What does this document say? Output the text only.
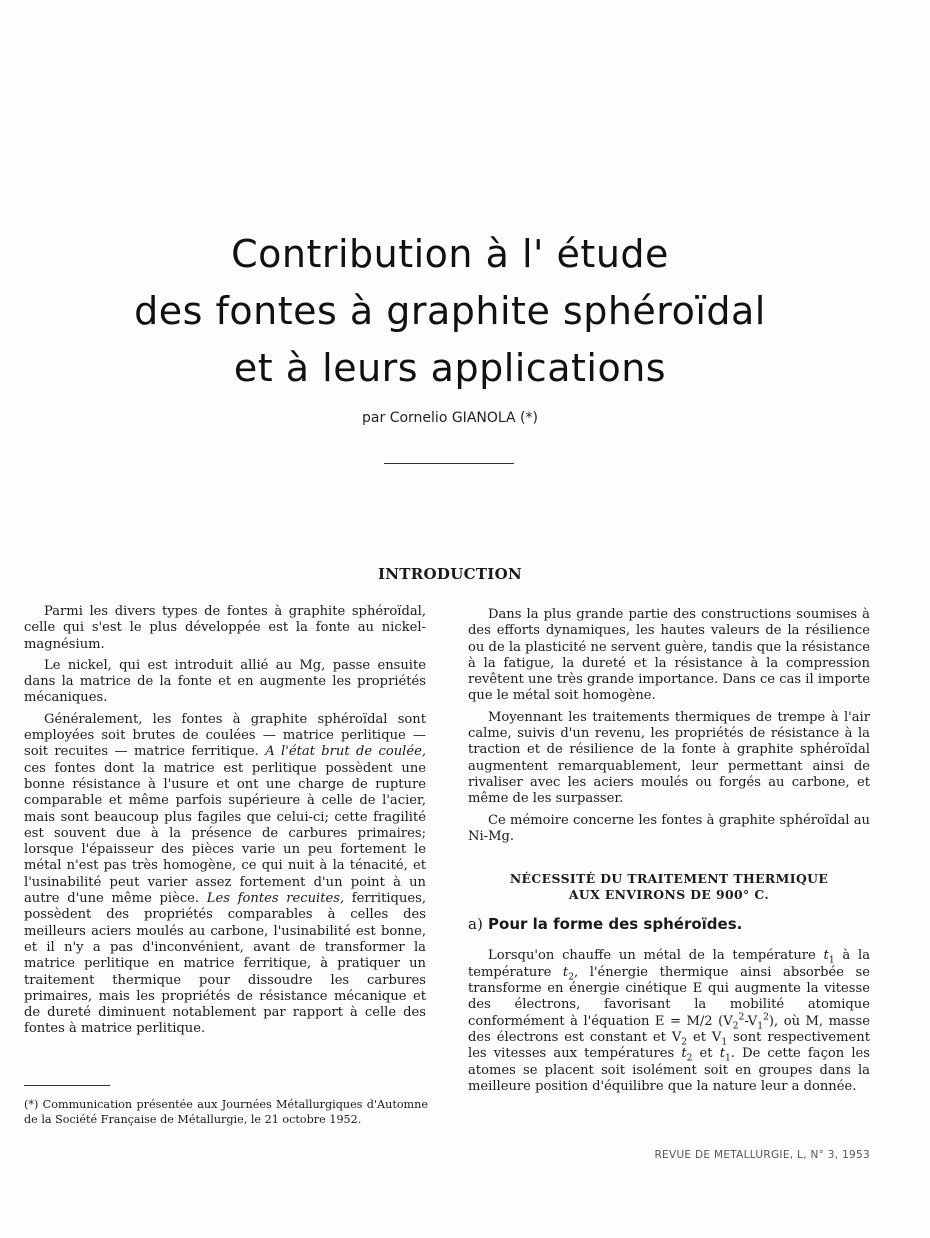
Contribution à l' étude
des fontes à graphite sphéroïdal
et à leurs applications
par Cornelio GIANOLA (*)
INTRODUCTION

Parmi les divers types de fontes à graphite sphéroïdal, celle qui s'est le plus développée est la fonte au nickel-magnésium.

Le nickel, qui est introduit allié au Mg, passe ensuite dans la matrice de la fonte et en augmente les propriétés mécaniques.

Généralement, les fontes à graphite sphéroïdal sont employées soit brutes de coulées — matrice perlitique — soit recuites — matrice ferritique. A l'état brut de coulée, ces fontes dont la matrice est perlitique possèdent une bonne résistance à l'usure et ont une charge de rupture comparable et même parfois supérieure à celle de l'acier, mais sont beaucoup plus fagiles que celui-ci; cette fragilité est souvent due à la présence de carbures primaires; lorsque l'épaisseur des pièces varie un peu fortement le métal n'est pas très homogène, ce qui nuit à la ténacité, et l'usinabilité peut varier assez fortement d'un point à un autre d'une même pièce. Les fontes recuites, ferritiques, possèdent des propriétés comparables à celles des meilleurs aciers moulés au carbone, l'usinabilité est bonne, et il n'y a pas d'inconvénient, avant de transformer la matrice perlitique en matrice ferritique, à pratiquer un traitement thermique pour dissoudre les carbures primaires, mais les propriétés de résistance mécanique et de dureté diminuent notablement par rapport à celle des fontes à matrice perlitique.

Dans la plus grande partie des constructions soumises à des efforts dynamiques, les hautes valeurs de la résilience ou de la plasticité ne servent guère, tandis que la résistance à la fatigue, la dureté et la résistance à la compression revêtent une très grande importance. Dans ce cas il importe que le métal soit homogène.

Moyennant les traitements thermiques de trempe à l'air calme, suivis d'un revenu, les propriétés de résistance à la traction et de résilience de la fonte à graphite sphéroïdal augmentent remarquablement, leur permettant ainsi de rivaliser avec les aciers moulés ou forgés au carbone, et même de les surpasser.

Ce mémoire concerne les fontes à graphite sphéroïdal au Ni-Mg.

NÉCESSITÉ DU TRAITEMENT THERMIQUE
AUX ENVIRONS DE 900° C.
a) Pour la forme des sphéroïdes.

Lorsqu'on chauffe un métal de la température $t_1$ à la température $t_2$, l'énergie thermique ainsi absorbée se transforme en énergie cinétique E qui augmente la vitesse des électrons, favorisant la mobilité atomique conformément à l'équation E = M/2 $(V_2^2-V_1^2)$, où M, masse des électrons est constant et $V_2$ et $V_1$ sont respectivement les vitesses aux températures $t_2$ et $t_1$. De cette façon les atomes se placent soit isolément soit en groupes dans la meilleure position d'équilibre que la nature leur a donnée.

(*) Communication présentée aux Journées Métallurgiques d'Automne de la Société Française de Métallurgie, le 21 octobre 1952.
REVUE DE METALLURGIE, L, N° 3, 1953
